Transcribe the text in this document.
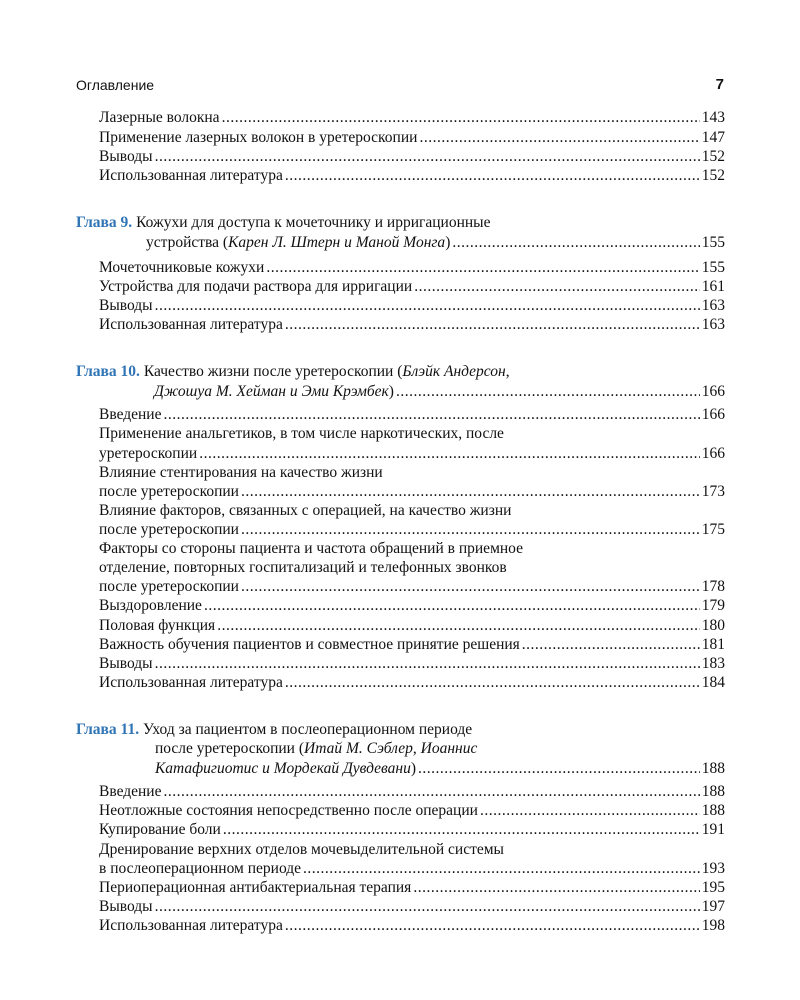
Оглавление	7
Лазерные волокна .....	143
Применение лазерных волокон в уретероскопии .....	147
Выводы .....	152
Использованная литература .....	152
Глава 9. Кожухи для доступа к мочеточнику и ирригационные
устройства (Карен Л. Штерн и Маной Монга) .....	155
Мочеточниковые кожухи .....	155
Устройства для подачи раствора для ирригации .....	161
Выводы .....	163
Использованная литература .....	163
Глава 10. Качество жизни после уретероскопии (Блэйк Андерсон,
Джошуа М. Хейман и Эми Крэмбек) .....	166
Введение .....	166
Применение анальгетиков, в том числе наркотических, после
уретероскопии .....	166
Влияние стентирования на качество жизни
после уретероскопии .....	173
Влияние факторов, связанных с операцией, на качество жизни
после уретероскопии .....	175
Факторы со стороны пациента и частота обращений в приемное
отделение, повторных госпитализаций и телефонных звонков
после уретероскопии .....	178
Выздоровление .....	179
Половая функция .....	180
Важность обучения пациентов и совместное принятие решения .....	181
Выводы .....	183
Использованная литература .....	184
Глава 11. Уход за пациентом в послеоперационном периоде
после уретероскопии (Итай М. Сэблер, Иоаннис
Катафигиотис и Мордекай Дувдевани) .....	188
Введение .....	188
Неотложные состояния непосредственно после операции .....	188
Купирование боли .....	191
Дренирование верхних отделов мочевыделительной системы
в послеоперационном периоде .....	193
Периоперационная антибактериальная терапия .....	195
Выводы .....	197
Использованная литература .....	198
